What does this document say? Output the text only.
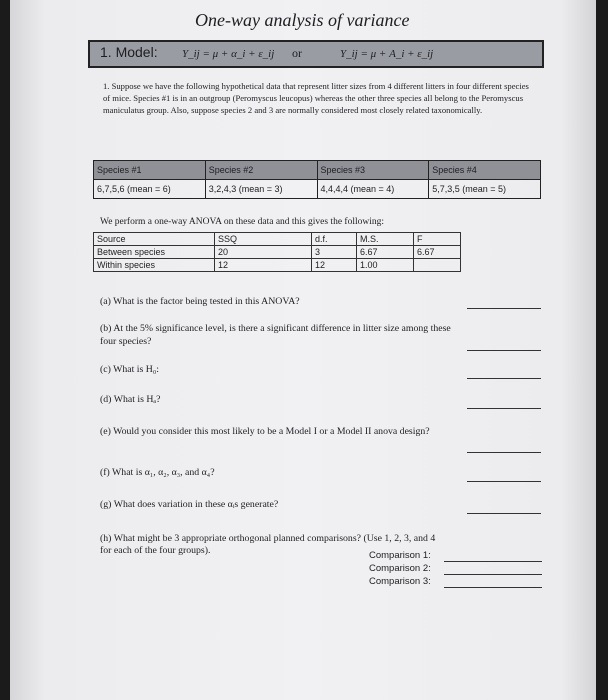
One-way analysis of variance
1. Model: Y_ij = μ + α_i + ε_ij or	Y_ij = μ + A_i + ε_ij
1. Suppose we have the following hypothetical data that represent litter sizes from 4 different litters in four different species of mice. Species #1 is in an outgroup (Peromyscus leucopus) whereas the other three species all belong to the Peromyscus maniculatus group. Also, suppose species 2 and 3 are normally considered most closely related taxonomically.
Species #1	Species #2	Species #3	Species #4
6,7,5,6 (mean = 6)	3,2,4,3 (mean = 3)	4,4,4,4 (mean = 4)	5,7,3,5 (mean = 5)
We perform a one-way ANOVA on these data and this gives the following:
Source	SSQ	d.f.	M.S.	F
Between species	20	3	6.67	6.67
Within species	12	12	1.00	
(a) What is the factor being tested in this ANOVA?
(b) At the 5% significance level, is there a significant difference in litter size among these
four species?
(c) What is H₀:
(d) What is Hₐ?
(e) Would you consider this most likely to be a Model I or a Model II anova design?
(f) What is α₁, α₂, α₃, and α₄?
(g) What does variation in these αᵢs generate?
(h) What might be 3 appropriate orthogonal planned comparisons? (Use 1, 2, 3, and 4
for each of the four groups).	Comparison 1:
Comparison 2:
Comparison 3:
